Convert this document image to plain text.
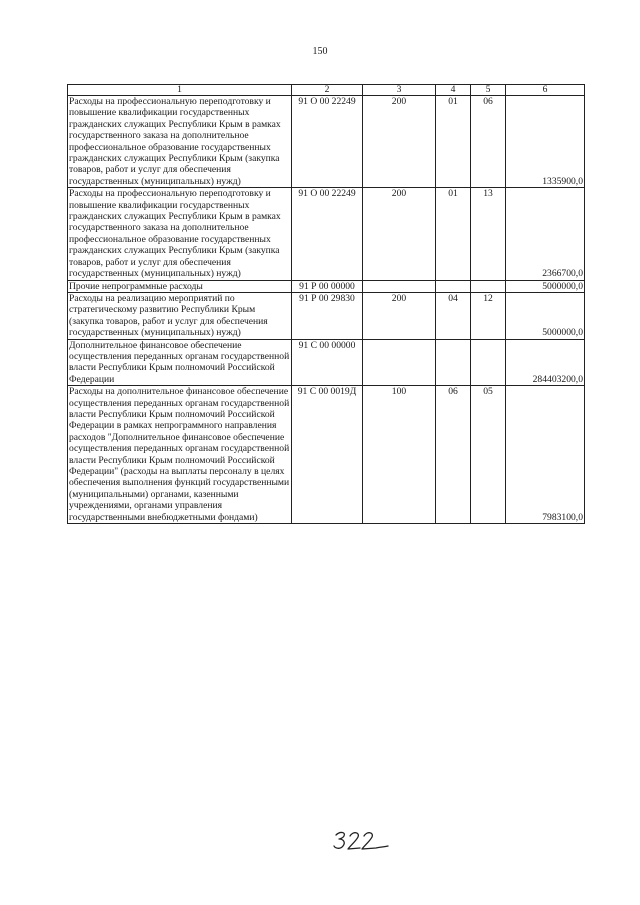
150
1	2	3	4	5	6
Расходы на профессиональную переподготовку и повышение квалификации государственных гражданских служащих Республики Крым в рамках государственного заказа на дополнительное профессиональное образование государственных гражданских служащих Республики Крым (закупка товаров, работ и услуг для обеспечения государственных (муниципальных) нужд)	91 О 00 22249	200	01	06	1335900,0
Расходы на профессиональную переподготовку и повышение квалификации государственных гражданских служащих Республики Крым в рамках государственного заказа на дополнительное профессиональное образование государственных гражданских служащих Республики Крым (закупка товаров, работ и услуг для обеспечения государственных (муниципальных) нужд)	91 О 00 22249	200	01	13	2366700,0
Прочие непрограммные расходы	91 Р 00 00000				5000000,0
Расходы на реализацию мероприятий по стратегическому развитию Республики Крым (закупка товаров, работ и услуг для обеспечения государственных (муниципальных) нужд)	91 Р 00 29830	200	04	12	5000000,0
Дополнительное финансовое обеспечение осуществления переданных органам государственной власти Республики Крым полномочий Российской Федерации	91 С 00 00000				284403200,0
Расходы на дополнительное финансовое обеспечение осуществления переданных органам государственной власти Республики Крым полномочий Российской Федерации в рамках непрограммного направления расходов "Дополнительное финансовое обеспечение осуществления переданных органам государственной власти Республики Крым полномочий Российской Федерации" (расходы на выплаты персоналу в целях обеспечения выполнения функций государственными (муниципальными) органами, казенными учреждениями, органами управления государственными внебюджетными фондами)	91 С 00 0019Д	100	06	05	7983100,0
